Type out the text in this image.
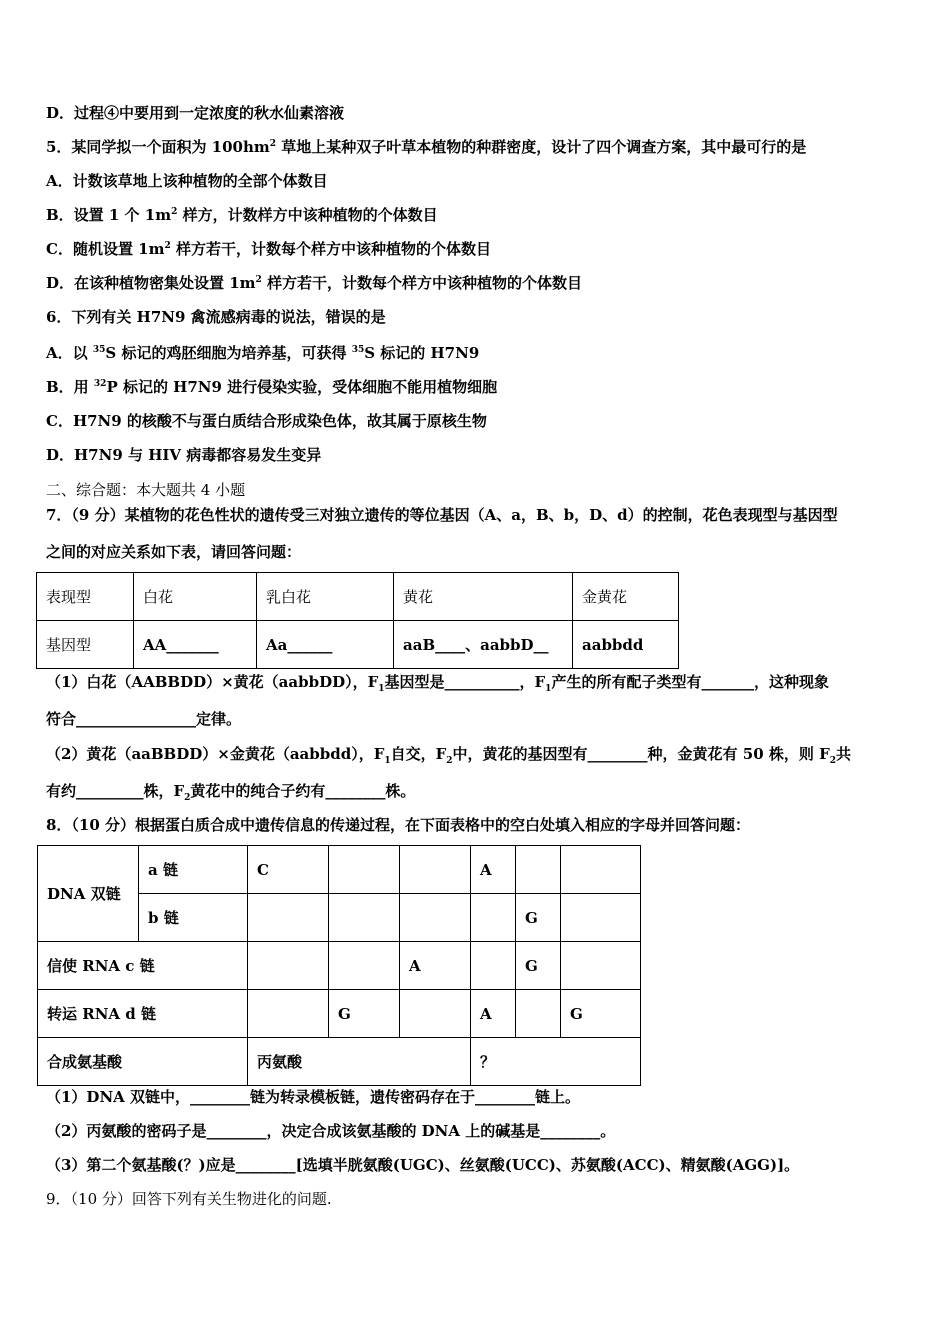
D．过程④中要用到一定浓度的秋水仙素溶液
5．某同学拟一个面积为 $100hm^2$ 草地上某种双子叶草本植物的种群密度，设计了四个调查方案，其中最可行的是
A．计数该草地上该种植物的全部个体数目
B．设置 1 个 $1m^2$ 样方，计数样方中该种植物的个体数目
C．随机设置 $1m^2$ 样方若干，计数每个样方中该种植物的个体数目
D．在该种植物密集处设置 $1m^2$ 样方若干，计数每个样方中该种植物的个体数目
6．下列有关 H7N9 禽流感病毒的说法，错误的是
A．以 $^{35}$S 标记的鸡胚细胞为培养基，可获得 $^{35}$S 标记的 H7N9
B．用 $^{32}$P 标记的 H7N9 进行侵染实验，受体细胞不能用植物细胞
C．H7N9 的核酸不与蛋白质结合形成染色体，故其属于原核生物
D．H7N9 与 HIV 病毒都容易发生变异
二、综合题：本大题共 4 小题
7．（9 分）某植物的花色性状的遗传受三对独立遗传的等位基因（A、a，B、b，D、d）的控制，花色表现型与基因型
之间的对应关系如下表，请回答问题：
表现型	白花	乳白花	黄花	金黄花
基因型	AA_______	Aa______	aaB____、aabbD__	aabbdd
（1）白花（AABBDD）×黄花（aabbDD），$F_1$基因型是__________，$F_1$产生的所有配子类型有_______，这种现象
符合________________定律。
（2）黄花（aaBBDD）×金黄花（aabbdd），$F_1$自交，$F_2$中，黄花的基因型有________种，金黄花有 50 株，则 $F_2$共
有约_________株，$F_2$黄花中的纯合子约有________株。
8．（10 分）根据蛋白质合成中遗传信息的传递过程，在下面表格中的空白处填入相应的字母并回答问题：
DNA 双链	a 链	C			A		
	b 链					G	
信使 RNA c 链				A		G	
转运 RNA d 链			G		A		G
合成氨基酸		丙氨酸			？		
（1）DNA 双链中，________链为转录模板链，遗传密码存在于________链上。
（2）丙氨酸的密码子是________，决定合成该氨基酸的 DNA 上的碱基是________。
（3）第二个氨基酸(？)应是________[选填半胱氨酸(UGC)、丝氨酸(UCC)、苏氨酸(ACC)、精氨酸(AGG)]。
9．（10 分）回答下列有关生物进化的问题.
